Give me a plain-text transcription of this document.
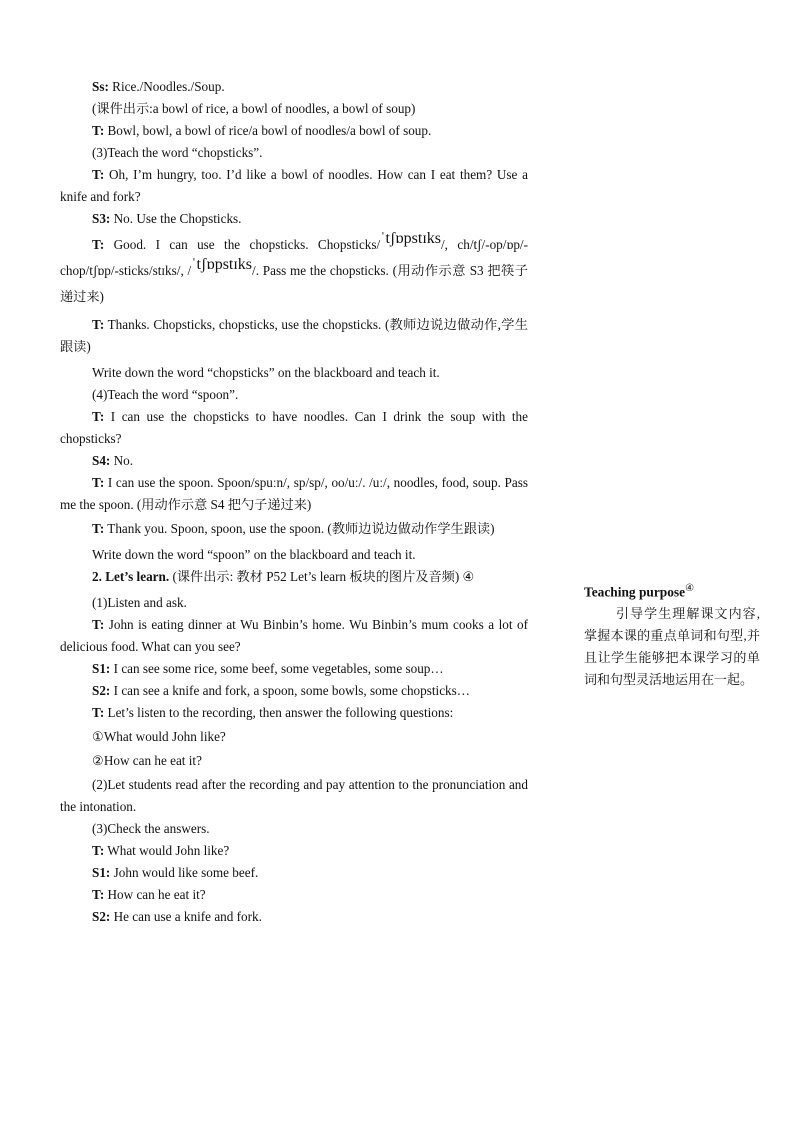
Ss: Rice./Noodles./Soup.

(课件出示:a bowl of rice, a bowl of noodles, a bowl of soup)

T: Bowl, bowl, a bowl of rice/a bowl of noodles/a bowl of soup.

(3)Teach the word “chopsticks”.

T: Oh, I’m hungry, too. I’d like a bowl of noodles. How can I eat them? Use a knife and fork?

S3: No. Use the Chopsticks.

T: Good. I can use the chopsticks. Chopsticks/ˈtʃɒpstɪks/, ch/tʃ/-op/ɒp/-chop/tʃɒp/-sticks/stɪks/, /ˈtʃɒpstɪks/. Pass me the chopsticks. (用动作示意 S3 把筷子递过来)

T: Thanks. Chopsticks, chopsticks, use the chopsticks. (教师边说边做动作,学生跟读)

Write down the word “chopsticks” on the blackboard and teach it.

(4)Teach the word “spoon”.

T: I can use the chopsticks to have noodles. Can I drink the soup with the chopsticks?

S4: No.

T: I can use the spoon. Spoon/spuːn/, sp/sp/, oo/uː/. /uː/, noodles, food, soup. Pass me the spoon. (用动作示意 S4 把勺子递过来)

T: Thank you. Spoon, spoon, use the spoon. (教师边说边做动作学生跟读)

Write down the word “spoon” on the blackboard and teach it.

2. Let’s learn. (课件出示: 教材 P52 Let’s learn 板块的图片及音频) ④

(1)Listen and ask.

T: John is eating dinner at Wu Binbin’s home. Wu Binbin’s mum cooks a lot of delicious food. What can you see?

S1: I can see some rice, some beef, some vegetables, some soup…

S2: I can see a knife and fork, a spoon, some bowls, some chopsticks…

T: Let’s listen to the recording, then answer the following questions:

①What would John like?

②How can he eat it?

(2)Let students read after the recording and pay attention to the pronunciation and the intonation.

(3)Check the answers.

T: What would John like?

S1: John would like some beef.

T: How can he eat it?

S2: He can use a knife and fork.

Teaching purpose④

引导学生理解课文内容,掌握本课的重点单词和句型,并且让学生能够把本课学习的单词和句型灵活地运用在一起。
